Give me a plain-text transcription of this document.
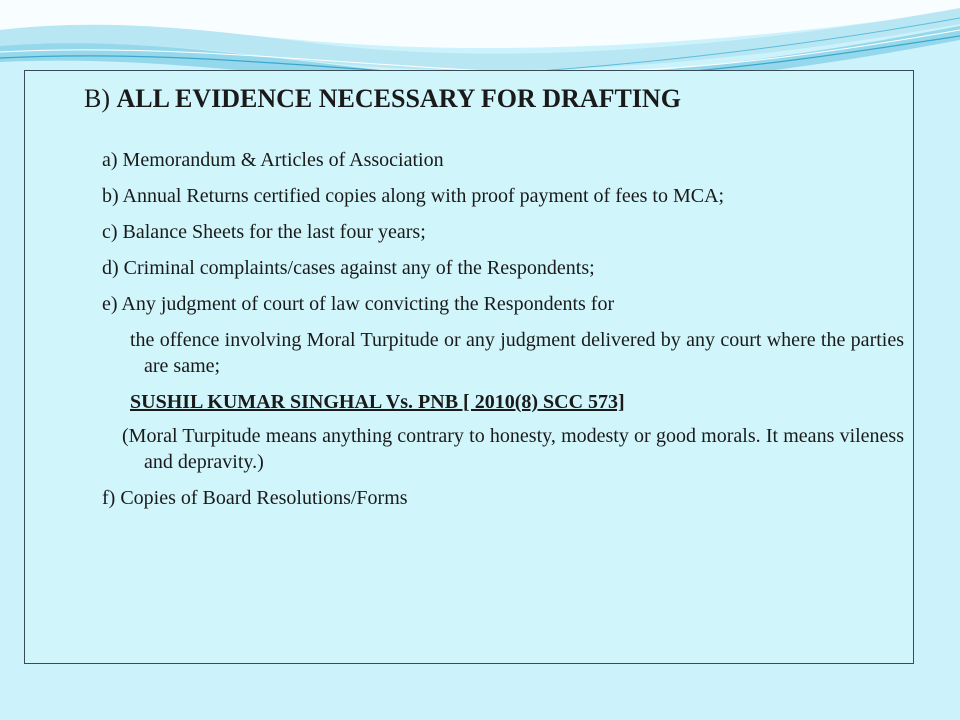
B) ALL EVIDENCE NECESSARY FOR DRAFTING

a) Memorandum & Articles of Association

b) Annual Returns certified copies along with proof payment of fees to MCA;

c) Balance Sheets for the last four years;

d) Criminal complaints/cases against any of the Respondents;

e) Any judgment of court of law convicting the Respondents for

the offence involving Moral Turpitude or any judgment delivered by any court where the parties are same;

SUSHIL KUMAR SINGHAL Vs. PNB [ 2010(8) SCC 573]

(Moral Turpitude means anything contrary to honesty, modesty or good morals. It means vileness and depravity.)

f) Copies of Board Resolutions/Forms
